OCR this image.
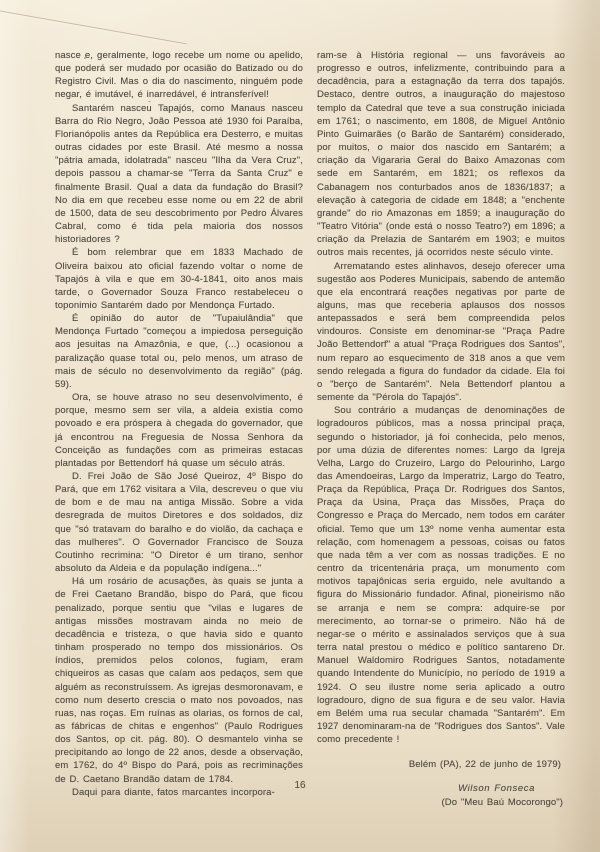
nasce e, geralmente, logo recebe um nome ou apelido, que poderá ser mudado por ocasião do Batizado ou do Registro Civil. Mas o dia do nascimento, ninguém pode negar, é imutável, é inarredável, é intransferível!

Santarém nasceu Tapajós, como Manaus nasceu Barra do Rio Negro, João Pessoa até 1930 foi Paraíba, Florianópolis antes da República era Desterro, e muitas outras cidades por este Brasil. Até mesmo a nossa "pátria amada, idolatrada" nasceu "Ilha da Vera Cruz", depois passou a chamar-se "Terra da Santa Cruz" e finalmente Brasil. Qual a data da fundação do Brasil? No dia em que recebeu esse nome ou em 22 de abril de 1500, data de seu descobrimento por Pedro Álvares Cabral, como é tida pela maioria dos nossos historiadores ?

É bom relembrar que em 1833 Machado de Oliveira baixou ato oficial fazendo voltar o nome de Tapajós à vila e que em 30-4-1841, oito anos mais tarde, o Governador Souza Franco restabeleceu o toponimio Santarém dado por Mendonça Furtado.

É opinião do autor de "Tupaiulândia" que Mendonça Furtado "começou a impiedosa perseguição aos jesuitas na Amazônia, e que, (...) ocasionou a paralização quase total ou, pelo menos, um atraso de mais de século no desenvolvimento da região" (pág. 59).

Ora, se houve atraso no seu desenvolvimento, é porque, mesmo sem ser vila, a aldeia existia como povoado e era próspera à chegada do governador, que já encontrou na Freguesia de Nossa Senhora da Conceição as fundações com as primeiras estacas plantadas por Bettendorf há quase um século atrás.

D. Frei João de São José Queiroz, 4º Bispo do Pará, que em 1762 visitara a Vila, descreveu o que viu de bom e de mau na antiga Missão. Sobre a vida desregrada de muitos Diretores e dos soldados, diz que "só tratavam do baralho e do violão, da cachaça e das mulheres". O Governador Francisco de Souza Coutinho recrimina: "O Diretor é um tirano, senhor absoluto da Aldeia e da população indígena..."

Há um rosário de acusações, às quais se junta a de Frei Caetano Brandão, bispo do Pará, que ficou penalizado, porque sentiu que "vilas e lugares de antigas missões mostravam ainda no meio de decadência e tristeza, o que havia sido e quanto tinham prosperado no tempo dos missionários. Os índios, premidos pelos colonos, fugiam, eram chiqueiros as casas que caíam aos pedaços, sem que alguém as reconstruíssem. As igrejas desmoronavam, e como num deserto crescia o mato nos povoados, nas ruas, nas roças. Em ruínas as olarias, os fornos de cal, as fábricas de chitas e engenhos" (Paulo Rodrigues dos Santos, op cit. pág. 80). O desmantelo vinha se precipitando ao longo de 22 anos, desde a observação, em 1762, do 4º Bispo do Pará, pois as recriminações de D. Caetano Brandão datam de 1784.

Daqui para diante, fatos marcantes incorpora-

ram-se à História regional — uns favoráveis ao progresso e outros, infelizmente, contribuindo para a decadência, para a estagnação da terra dos tapajós. Destaco, dentre outros, a inauguração do majestoso templo da Catedral que teve a sua construção iniciada em 1761; o nascimento, em 1808, de Miguel Antônio Pinto Guimarães (o Barão de Santarém) considerado, por muitos, o maior dos nascido em Santarém; a criação da Vigararia Geral do Baixo Amazonas com sede em Santarém, em 1821; os reflexos da Cabanagem nos conturbados anos de 1836/1837; a elevação à categoria de cidade em 1848; a "enchente grande" do rio Amazonas em 1859; a inauguração do "Teatro Vitória" (onde está o nosso Teatro?) em 1896; a criação da Prelazia de Santarém em 1903; e muitos outros mais recentes, já ocorridos neste século vinte.

Arrematando estes alinhavos, desejo oferecer uma sugestão aos Poderes Municipais, sabendo de antemão que ela encontrará reações negativas por parte de alguns, mas que receberia aplausos dos nossos antepassados e será bem compreendida pelos vindouros. Consiste em denominar-se "Praça Padre João Bettendorf" a atual "Praça Rodrigues dos Santos", num reparo ao esquecimento de 318 anos a que vem sendo relegada a figura do fundador da cidade. Ela foi o "berço de Santarém". Nela Bettendorf plantou a semente da "Pérola do Tapajós".

Sou contrário a mudanças de denominações de logradouros públicos, mas a nossa principal praça, segundo o historiador, já foi conhecida, pelo menos, por uma dúzia de diferentes nomes: Largo da Igreja Velha, Largo do Cruzeiro, Largo do Pelourinho, Largo das Amendoeiras, Largo da Imperatriz, Largo do Teatro, Praça da República, Praça Dr. Rodrigues dos Santos, Praça da Usina, Praça das Missões, Praça do Congresso e Praça do Mercado, nem todos em caráter oficial. Temo que um 13º nome venha aumentar esta relação, com homenagem a pessoas, coisas ou fatos que nada têm a ver com as nossas tradições. E no centro da tricentenária praça, um monumento com motivos tapajônicas seria erguido, nele avultando a figura do Missionário fundador. Afinal, pioneirismo não se arranja e nem se compra: adquire-se por merecimento, ao tornar-se o primeiro. Não há de negar-se o mérito e assinalados serviços que à sua terra natal prestou o médico e político santareno Dr. Manuel Waldomiro Rodrigues Santos, notadamente quando Intendente do Município, no período de 1919 a 1924. O seu ilustre nome seria aplicado a outro logradouro, digno de sua figura e de seu valor. Havia em Belém uma rua secular chamada "Santarém". Em 1927 denominaram-na de "Rodrigues dos Santos". Vale como precedente !

Belém (PA), 22 de junho de 1979)

Wilson Fonseca

(Do "Meu Baú Mocorongo")

16
